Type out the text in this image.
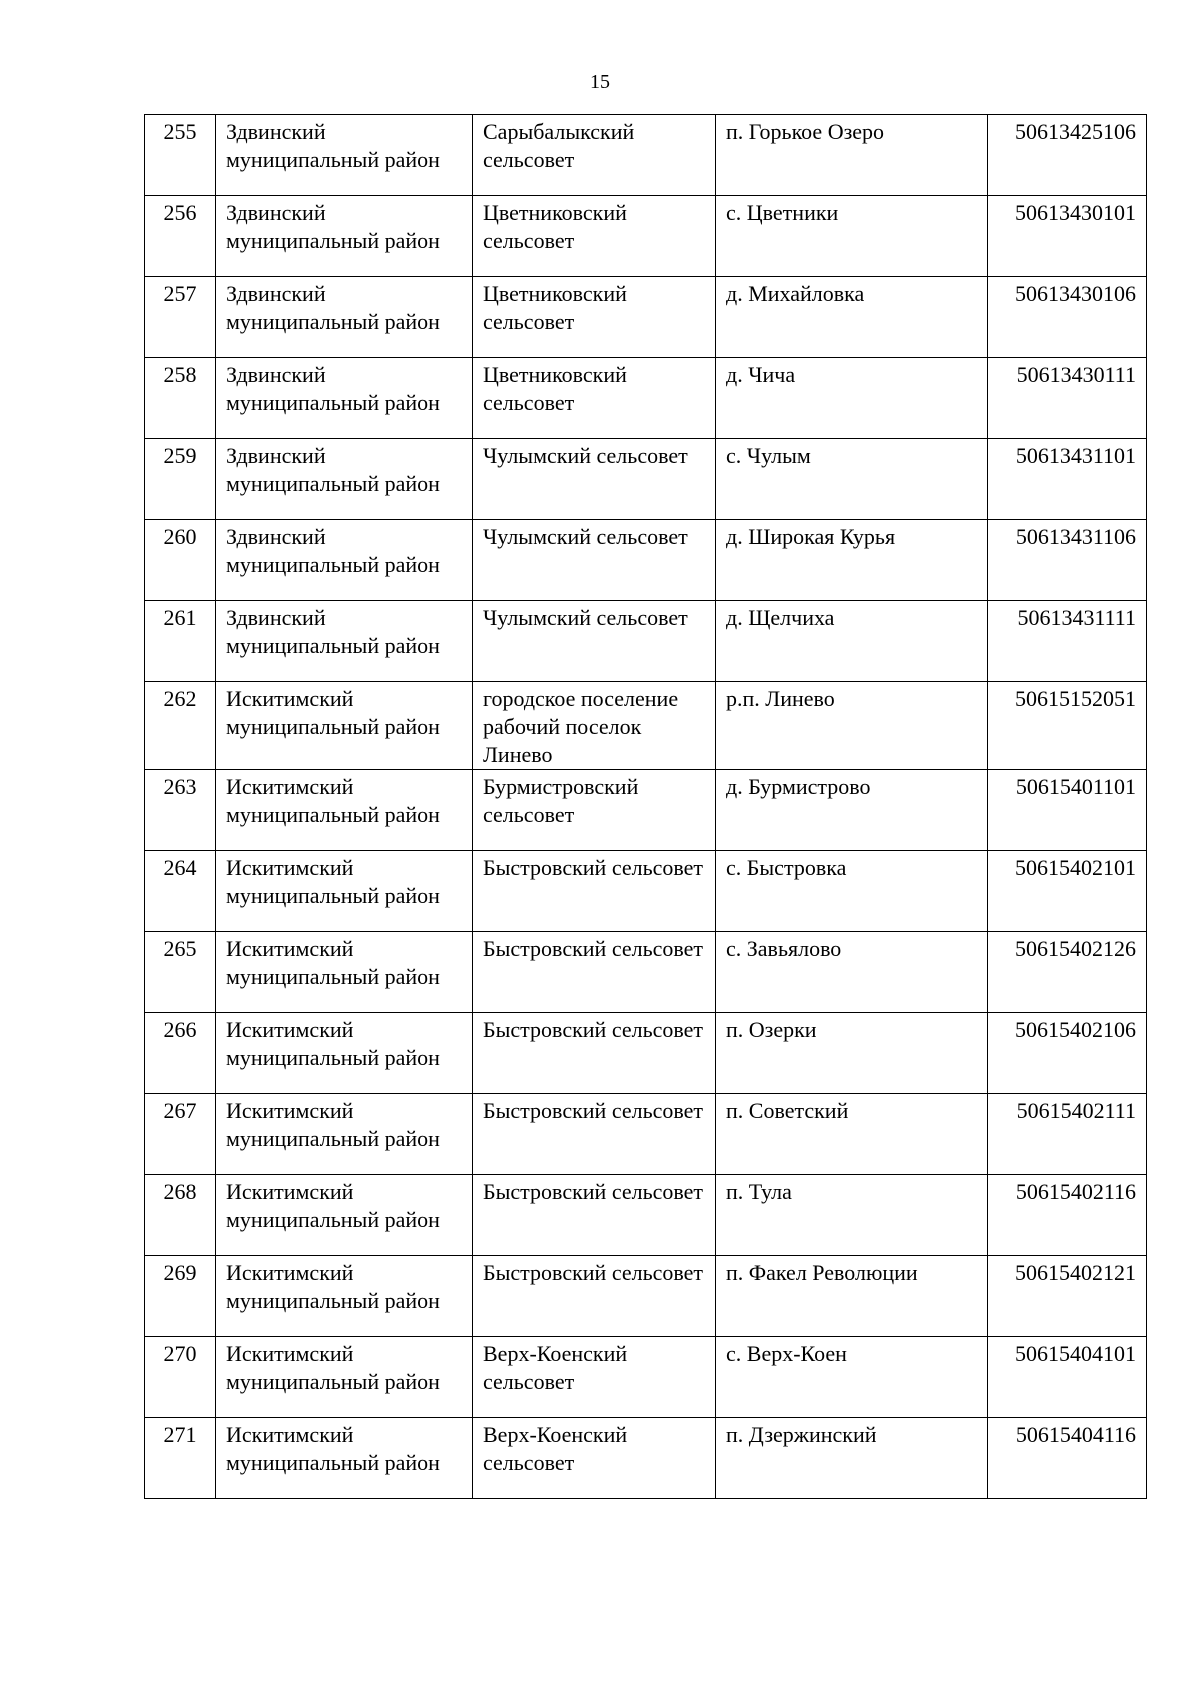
15
255	Здвинский муниципальный район	Сарыбалыкский сельсовет	п. Горькое Озеро	50613425106
256	Здвинский муниципальный район	Цветниковский сельсовет	с. Цветники	50613430101
257	Здвинский муниципальный район	Цветниковский сельсовет	д. Михайловка	50613430106
258	Здвинский муниципальный район	Цветниковский сельсовет	д. Чича	50613430111
259	Здвинский муниципальный район	Чулымский сельсовет	с. Чулым	50613431101
260	Здвинский муниципальный район	Чулымский сельсовет	д. Широкая Курья	50613431106
261	Здвинский муниципальный район	Чулымский сельсовет	д. Щелчиха	50613431111
262	Искитимский муниципальный район	городское поселение рабочий поселок Линево	р.п. Линево	50615152051
263	Искитимский муниципальный район	Бурмистровский сельсовет	д. Бурмистрово	50615401101
264	Искитимский муниципальный район	Быстровский сельсовет	с. Быстровка	50615402101
265	Искитимский муниципальный район	Быстровский сельсовет	с. Завьялово	50615402126
266	Искитимский муниципальный район	Быстровский сельсовет	п. Озерки	50615402106
267	Искитимский муниципальный район	Быстровский сельсовет	п. Советский	50615402111
268	Искитимский муниципальный район	Быстровский сельсовет	п. Тула	50615402116
269	Искитимский муниципальный район	Быстровский сельсовет	п. Факел Революции	50615402121
270	Искитимский муниципальный район	Верх-Коенский сельсовет	с. Верх-Коен	50615404101
271	Искитимский муниципальный район	Верх-Коенский сельсовет	п. Дзержинский	50615404116
